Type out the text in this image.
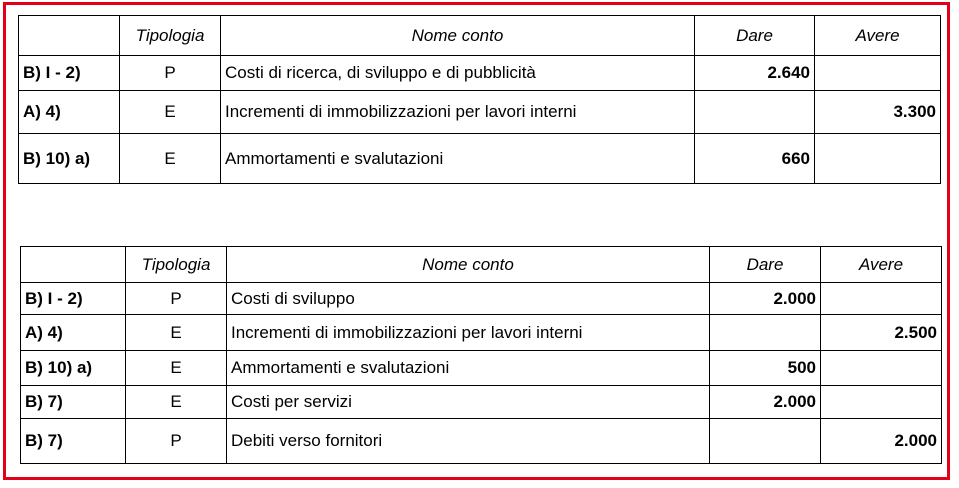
	Tipologia	Nome conto	Dare	Avere
B) I - 2)	P	Costi di ricerca, di sviluppo e di pubblicità	2.640	
A) 4)	E	Incrementi di immobilizzazioni per lavori interni		3.300
B) 10) a)	E	Ammortamenti e svalutazioni	660	
	Tipologia	Nome conto	Dare	Avere
B) I - 2)	P	Costi di sviluppo	2.000	
A) 4)	E	Incrementi di immobilizzazioni per lavori interni		2.500
B) 10) a)	E	Ammortamenti e svalutazioni	500	
B) 7)	E	Costi per servizi	2.000	
B) 7)	P	Debiti verso fornitori		2.000
